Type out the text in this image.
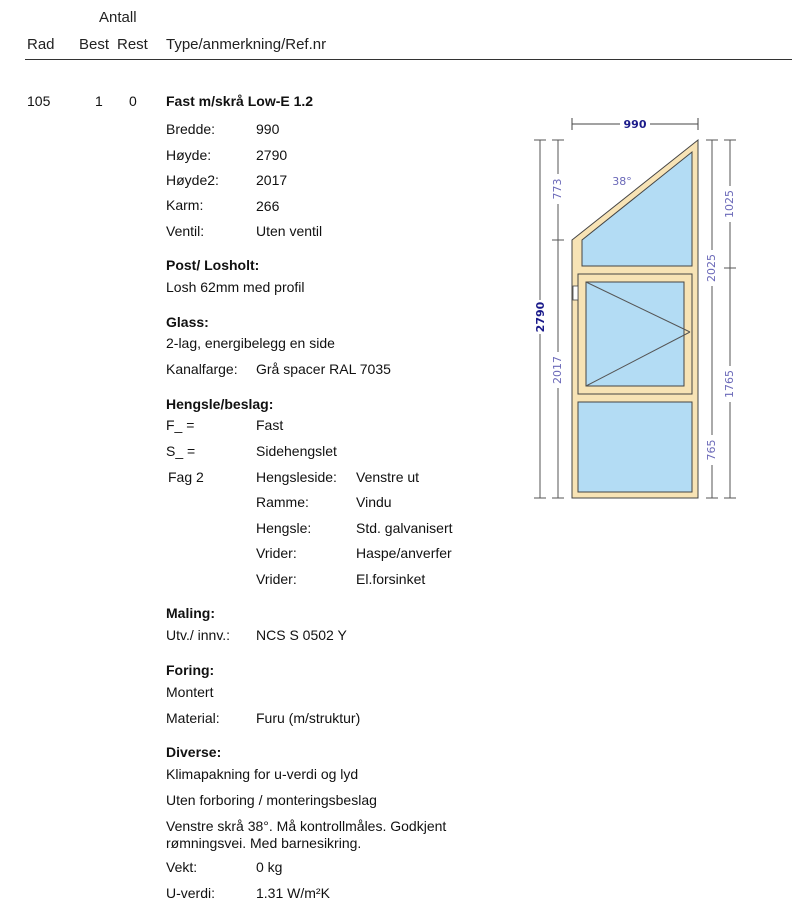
Antall
Rad Best Rest Type/anmerkning/Ref.nr
105	1 0 Fast m/skrå Low-E 1.2
Bredde:	990
Høyde:	2790
Høyde2:	2017
Karm:	266
Ventil:	Uten ventil
Post/ Losholt:
Losh 62mm med profil
Glass:
2-lag, energibelegg en side
Kanalfarge: Grå spacer RAL 7035
Hengsle/beslag:
F_ =	Fast
S_ =	Sidehengslet
Fag 2	Hengsleside: Venstre ut
Ramme:	Vindu
Hengsle:	Std. galvanisert
Vrider:	Haspe/anverfer
Vrider:	El.forsinket
Maling:
Utv./ innv.: NCS S 0502 Y
Foring:
Montert
Material:	Furu (m/struktur)
Diverse:
Klimapakning for u-verdi og lyd
Uten forboring / monteringsbeslag
Venstre skrå 38°. Må kontrollmåles. Godkjent
rømningsvei. Med barnesikring.
Vekt:	0 kg
U-verdi:	1.31 W/m²K
990
2790
773
2017
2025
765
1025
1765
38°
